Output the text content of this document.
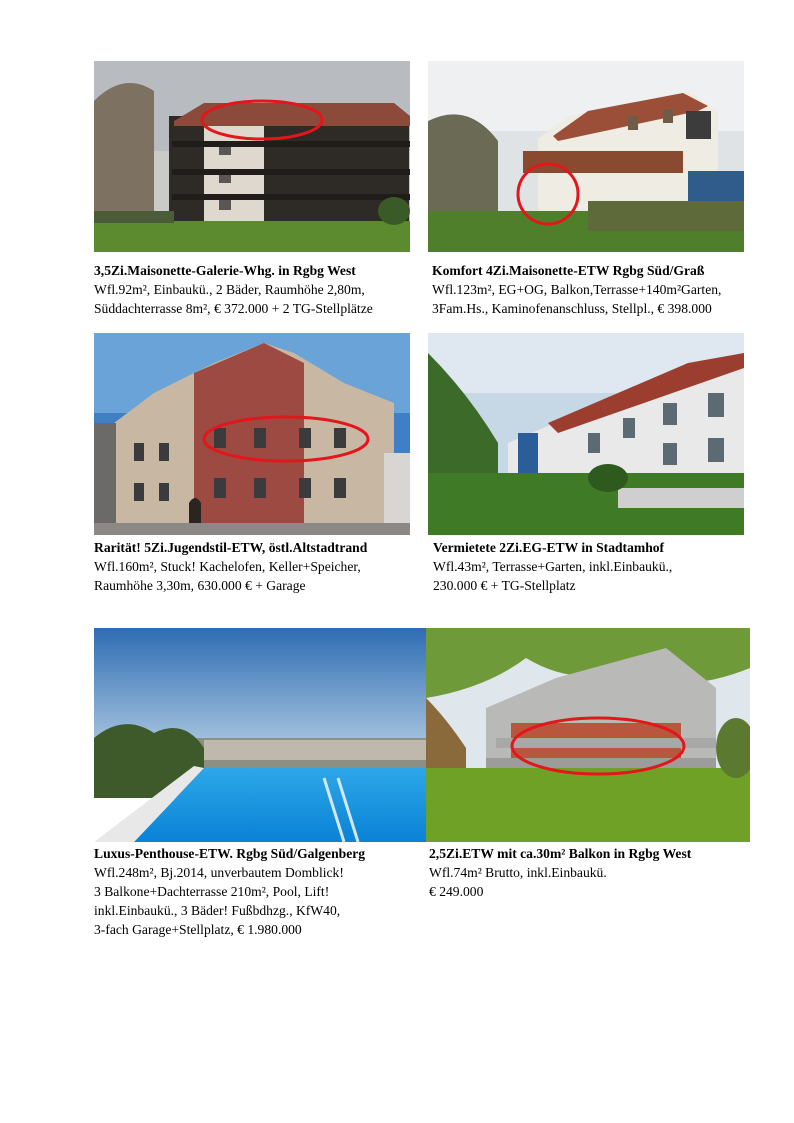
3,5Zi.Maisonette-Galerie-Whg. in Rgbg West
Wfl.92m², Einbaukü., 2 Bäder, Raumhöhe 2,80m,
Süddachterrasse 8m², € 372.000 + 2 TG-Stellplätze
Komfort 4Zi.Maisonette-ETW Rgbg Süd/Graß
Wfl.123m², EG+OG, Balkon,Terrasse+140m²Garten,
3Fam.Hs., Kaminofenanschluss, Stellpl., € 398.000
Rarität! 5Zi.Jugendstil-ETW, östl.Altstadtrand
Wfl.160m², Stuck! Kachelofen, Keller+Speicher,
Raumhöhe 3,30m, 630.000 € + Garage
Vermietete 2Zi.EG-ETW in Stadtamhof
Wfl.43m², Terrasse+Garten, inkl.Einbaukü.,
230.000 € + TG-Stellplatz
Luxus-Penthouse-ETW. Rgbg Süd/Galgenberg
Wfl.248m², Bj.2014, unverbautem Domblick!
3 Balkone+Dachterrasse 210m², Pool, Lift!
inkl.Einbaukü., 3 Bäder! Fußbdhzg., KfW40,
3-fach Garage+Stellplatz, € 1.980.000
2,5Zi.ETW mit ca.30m² Balkon in Rgbg West
Wfl.74m² Brutto, inkl.Einbaukü.
€ 249.000
